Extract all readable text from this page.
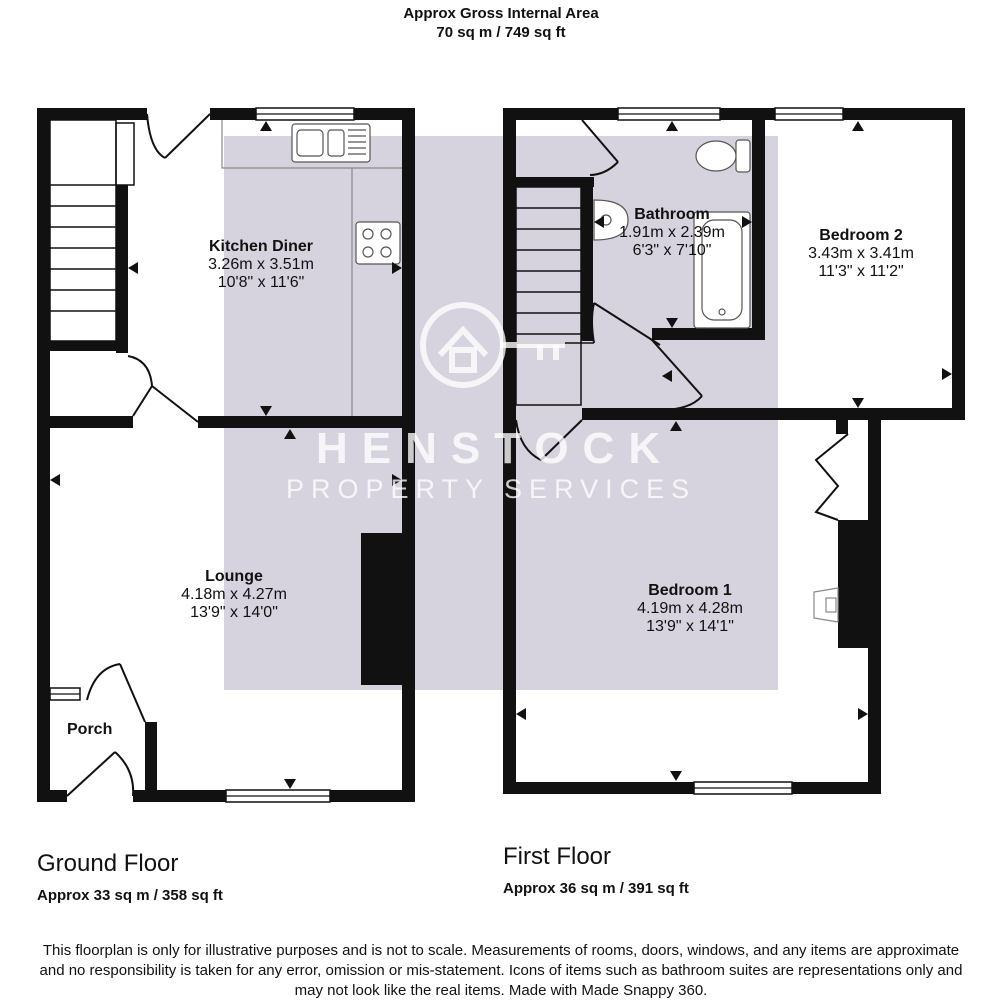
Approx Gross Internal Area
70 sq m / 749 sq ft
HENSTOCK
PROPERTY SERVICES
Kitchen Diner
3.26m x 3.51m
10'8" x 11'6"
Lounge
4.18m x 4.27m
13'9" x 14'0"
Porch
Bathroom
1.91m x 2.39m
6'3" x 7'10"
Bedroom 2
3.43m x 3.41m
11'3" x 11'2"
Bedroom 1
4.19m x 4.28m
13'9" x 14'1"
Ground Floor
Approx 33 sq m / 358 sq ft
First Floor
Approx 36 sq m / 391 sq ft
This floorplan is only for illustrative purposes and is not to scale. Measurements of rooms, doors, windows, and any items are approximate
and no responsibility is taken for any error, omission or mis-statement. Icons of items such as bathroom suites are representations only and
may not look like the real items. Made with Made Snappy 360.
